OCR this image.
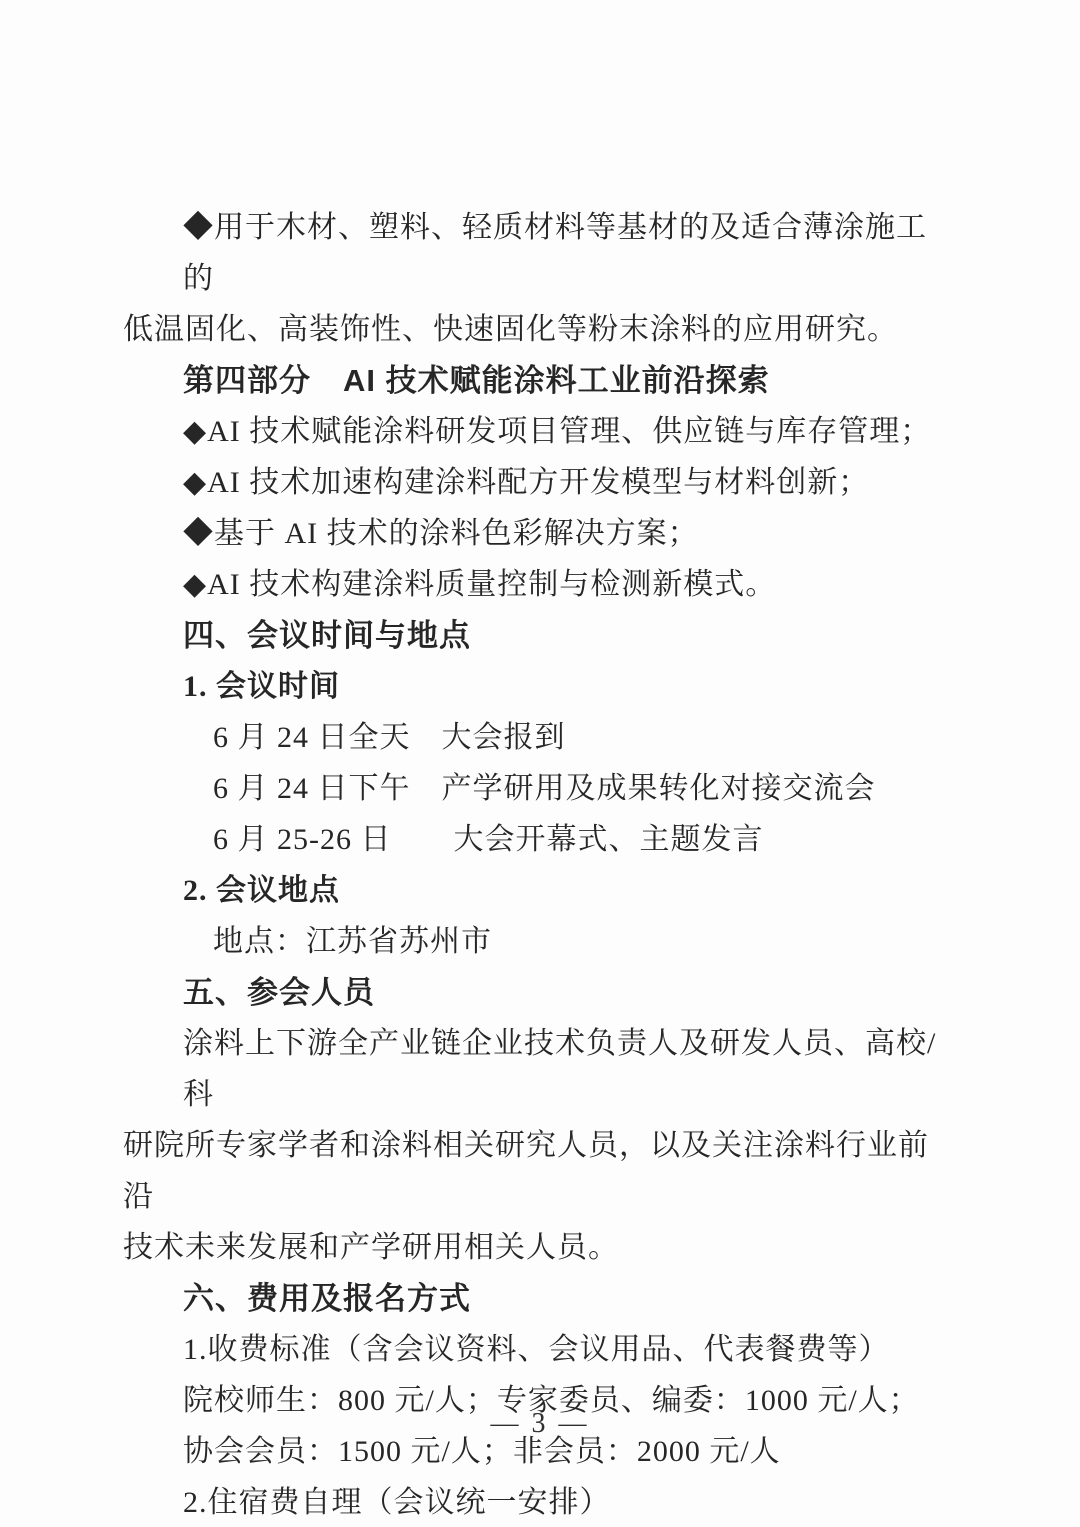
◆用于木材、塑料、轻质材料等基材的及适合薄涂施工的
低温固化、高装饰性、快速固化等粉末涂料的应用研究。
第四部分　AI 技术赋能涂料工业前沿探索
◆AI 技术赋能涂料研发项目管理、供应链与库存管理；
◆AI 技术加速构建涂料配方开发模型与材料创新；
◆基于 AI 技术的涂料色彩解决方案；
◆AI 技术构建涂料质量控制与检测新模式。
四、会议时间与地点
1. 会议时间
6 月 24 日全天　大会报到
6 月 24 日下午　产学研用及成果转化对接交流会
6 月 25-26 日　　大会开幕式、主题发言
2. 会议地点
地点：江苏省苏州市
五、参会人员
涂料上下游全产业链企业技术负责人及研发人员、高校/科
研院所专家学者和涂料相关研究人员，以及关注涂料行业前沿
技术未来发展和产学研用相关人员。
六、费用及报名方式
1.收费标准（含会议资料、会议用品、代表餐费等）
院校师生：800 元/人；专家委员、编委：1000 元/人；
协会会员：1500 元/人；非会员：2000 元/人
2.住宿费自理（会议统一安排）
— 3 —
